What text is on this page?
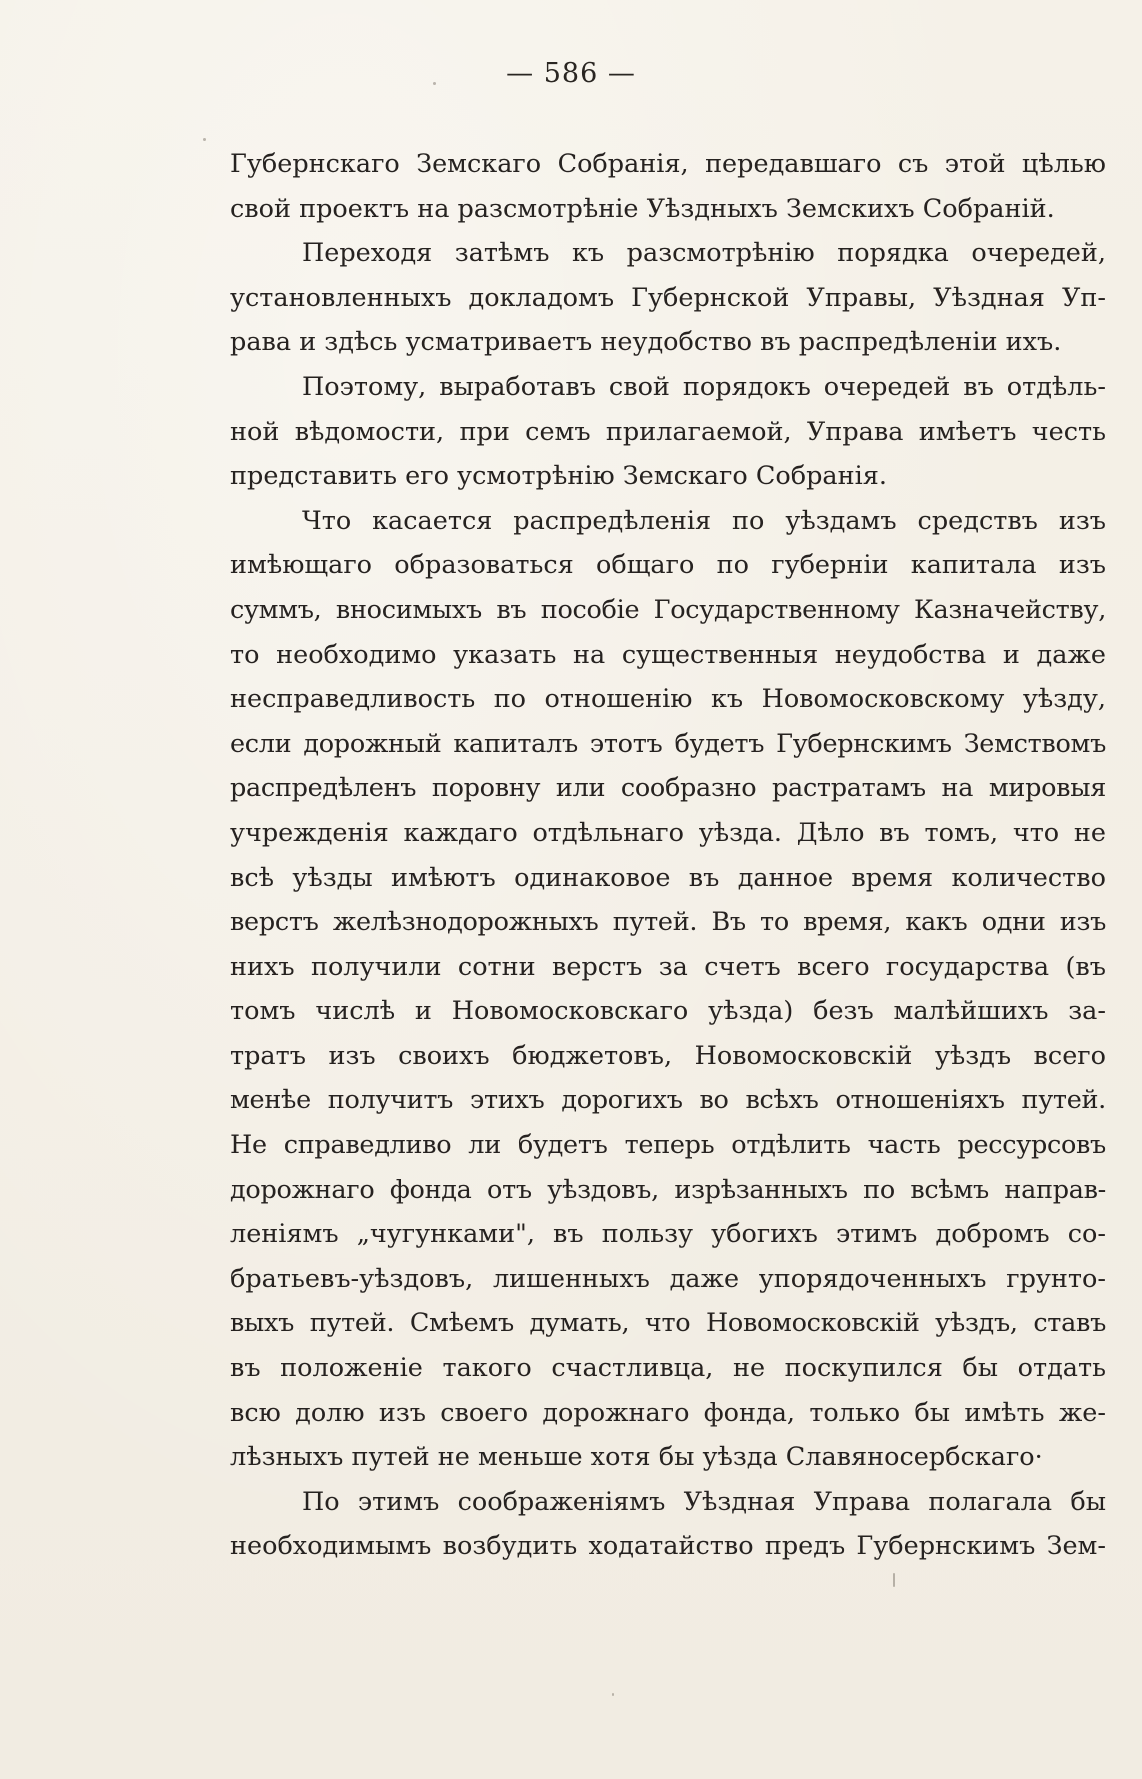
— 586 —
Губернскаго Земскаго Собранія, передавшаго съ этой цѣлью
свой проектъ на разсмотрѣніе Уѣздныхъ Земскихъ Собраній.
Переходя затѣмъ къ разсмотрѣнію порядка очередей,
установленныхъ докладомъ Губернской Управы, Уѣздная Уп-
рава и здѣсь усматриваетъ неудобство въ распредѣленіи ихъ.
Поэтому, выработавъ свой порядокъ очередей въ отдѣль-
ной вѣдомости, при семъ прилагаемой, Управа имѣетъ честь
представить его усмотрѣнію Земскаго Собранія.
Что касается распредѣленія по уѣздамъ средствъ изъ
имѣющаго образоваться общаго по губерніи капитала изъ
суммъ, вносимыхъ въ пособіе Государственному Казначейству,
то необходимо указать на существенныя неудобства и даже
несправедливость по отношенію къ Новомосковскому уѣзду,
если дорожный капиталъ этотъ будетъ Губернскимъ Земствомъ
распредѣленъ поровну или сообразно растратамъ на мировыя
учрежденія каждаго отдѣльнаго уѣзда. Дѣло въ томъ, что не
всѣ уѣзды имѣютъ одинаковое въ данное время количество
верстъ желѣзнодорожныхъ путей. Въ то время, какъ одни изъ
нихъ получили сотни верстъ за счетъ всего государства (въ
томъ числѣ и Новомосковскаго уѣзда) безъ малѣйшихъ за-
тратъ изъ своихъ бюджетовъ, Новомосковскій уѣздъ всего
менѣе получитъ этихъ дорогихъ во всѣхъ отношеніяхъ путей.
Не справедливо ли будетъ теперь отдѣлить часть рессурсовъ
дорожнаго фонда отъ уѣздовъ, изрѣзанныхъ по всѣмъ направ-
леніямъ „чугунками", въ пользу убогихъ этимъ добромъ со-
братьевъ-уѣздовъ, лишенныхъ даже упорядоченныхъ грунто-
выхъ путей. Смѣемъ думать, что Новомосковскій уѣздъ, ставъ
въ положеніе такого счастливца, не поскупился бы отдать
всю долю изъ своего дорожнаго фонда, только бы имѣть же-
лѣзныхъ путей не меньше хотя бы уѣзда Славяносербскаго·
По этимъ соображеніямъ Уѣздная Управа полагала бы
необходимымъ возбудить ходатайство предъ Губернскимъ Зем-
